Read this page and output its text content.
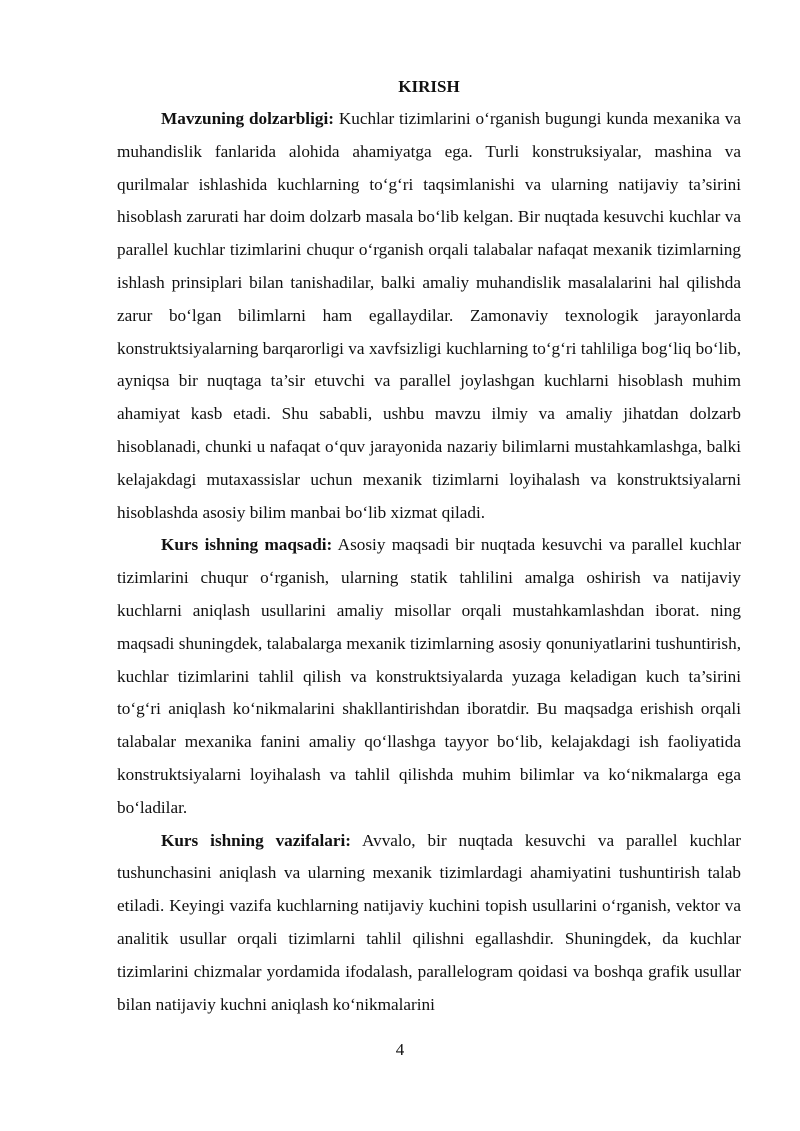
KIRISH

Mavzuning dolzarbligi: Kuchlar tizimlarini o‘rganish bugungi kunda mexanika va muhandislik fanlarida alohida ahamiyatga ega. Turli konstruksiyalar, mashina va qurilmalar ishlashida kuchlarning to‘g‘ri taqsimlanishi va ularning natijaviy ta’sirini hisoblash zarurati har doim dolzarb masala bo‘lib kelgan. Bir nuqtada kesuvchi kuchlar va parallel kuchlar tizimlarini chuqur o‘rganish orqali talabalar nafaqat mexanik tizimlarning ishlash prinsiplari bilan tanishadilar, balki amaliy muhandislik masalalarini hal qilishda zarur bo‘lgan bilimlarni ham egallaydilar. Zamonaviy texnologik jarayonlarda konstruktsiyalarning barqarorligi va xavfsizligi kuchlarning to‘g‘ri tahliliga bog‘liq bo‘lib, ayniqsa bir nuqtaga ta’sir etuvchi va parallel joylashgan kuchlarni hisoblash muhim ahamiyat kasb etadi. Shu sababli, ushbu mavzu ilmiy va amaliy jihatdan dolzarb hisoblanadi, chunki u nafaqat o‘quv jarayonida nazariy bilimlarni mustahkamlashga, balki kelajakdagi mutaxassislar uchun mexanik tizimlarni loyihalash va konstruktsiyalarni hisoblashda asosiy bilim manbai bo‘lib xizmat qiladi.

Kurs ishning maqsadi: Asosiy maqsadi bir nuqtada kesuvchi va parallel kuchlar tizimlarini chuqur o‘rganish, ularning statik tahlilini amalga oshirish va natijaviy kuchlarni aniqlash usullarini amaliy misollar orqali mustahkamlashdan iborat. ning maqsadi shuningdek, talabalarga mexanik tizimlarning asosiy qonuniyatlarini tushuntirish, kuchlar tizimlarini tahlil qilish va konstruktsiyalarda yuzaga keladigan kuch ta’sirini to‘g‘ri aniqlash ko‘nikmalarini shakllantirishdan iboratdir. Bu maqsadga erishish orqali talabalar mexanika fanini amaliy qo‘llashga tayyor bo‘lib, kelajakdagi ish faoliyatida konstruktsiyalarni loyihalash va tahlil qilishda muhim bilimlar va ko‘nikmalarga ega bo‘ladilar.

Kurs ishning vazifalari: Avvalo, bir nuqtada kesuvchi va parallel kuchlar tushunchasini aniqlash va ularning mexanik tizimlardagi ahamiyatini tushuntirish talab etiladi. Keyingi vazifa kuchlarning natijaviy kuchini topish usullarini o‘rganish, vektor va analitik usullar orqali tizimlarni tahlil qilishni egallashdir. Shuningdek, da kuchlar tizimlarini chizmalar yordamida ifodalash, parallelogram qoidasi va boshqa grafik usullar bilan natijaviy kuchni aniqlash ko‘nikmalarini

4
